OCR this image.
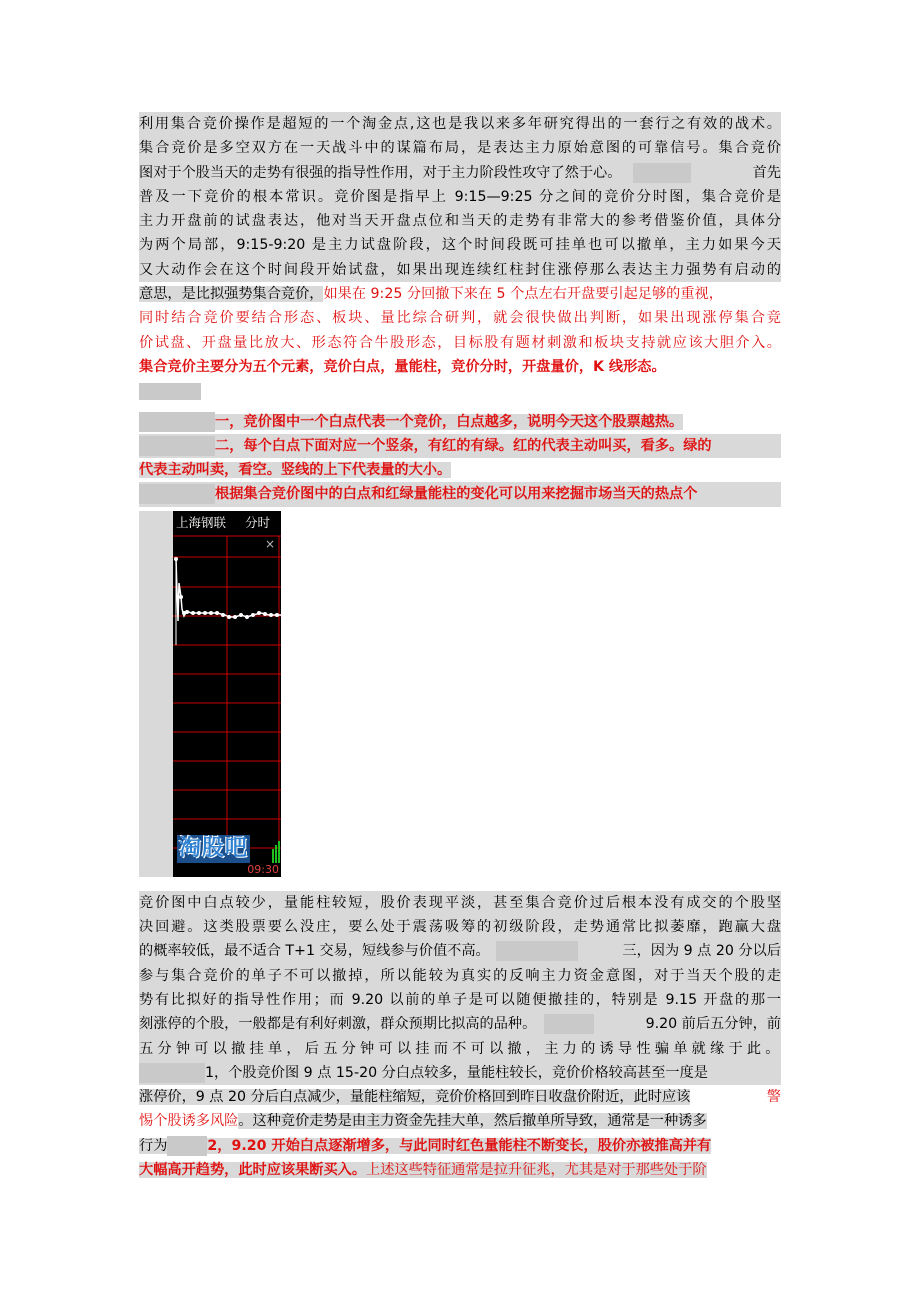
利用集合竞价操作是超短的一个淘金点,这也是我以来多年研究得出的一套行之有效的战术。
集合竞价是多空双方在一天战斗中的谋篇布局，是表达主力原始意图的可靠信号。集合竞价
图对于个股当天的走势有很强的指导性作用，对于主力阶段性攻守了然于心。	首先
普及一下竞价的根本常识。竞价图是指早上 9:15—9:25 分之间的竞价分时图，集合竞价是
主力开盘前的试盘表达，他对当天开盘点位和当天的走势有非常大的参考借鉴价值，具体分
为两个局部，9:15-9:20 是主力试盘阶段，这个时间段既可挂单也可以撤单，主力如果今天
又大动作会在这个时间段开始试盘，如果出现连续红柱封住涨停那么表达主力强势有启动的
意思，是比拟强势集合竞价，如果在 9:25 分回撤下来在 5 个点左右开盘要引起足够的重视，
同时结合竞价要结合形态、板块、量比综合研判，就会很快做出判断，如果出现涨停集合竞
价试盘、开盘量比放大、形态符合牛股形态，目标股有题材刺激和板块支持就应该大胆介入。
集合竞价主要分为五个元素，竞价白点，量能柱，竞价分时，开盘量价，K 线形态。
一，竞价图中一个白点代表一个竞价，白点越多，说明今天这个股票越热。
二，每个白点下面对应一个竖条，有红的有绿。红的代表主动叫买，看多。绿的
代表主动叫卖，看空。竖线的上下代表量的大小。
根据集合竞价图中的白点和红绿量能柱的变化可以用来挖掘市场当天的热点个
上海钢联 分时
×
淘股吧
09:30
竞价图中白点较少，量能柱较短，股价表现平淡，甚至集合竞价过后根本没有成交的个股坚
决回避。这类股票要么没庄，要么处于震荡吸筹的初级阶段，走势通常比拟萎靡，跑赢大盘
的概率较低，最不适合 T+1 交易，短线参与价值不高。	三，因为 9 点 20 分以后
参与集合竞价的单子不可以撤掉，所以能较为真实的反响主力资金意图，对于当天个股的走
势有比拟好的指导性作用；而 9.20 以前的单子是可以随便撤挂的，特别是 9.15 开盘的那一
刻涨停的个股，一般都是有利好刺激，群众预期比拟高的品种。	9.20 前后五分钟，前
五分钟可以撤挂单，后五分钟可以挂而不可以撤，主力的诱导性骗单就缘于此。
1，个股竞价图 9 点 15-20 分白点较多，量能柱较长，竞价价格较高甚至一度是
涨停价，9 点 20 分后白点减少，量能柱缩短，竞价价格回到昨日收盘价附近，此时应该	警
惕个股诱多风险。这种竞价走势是由主力资金先挂大单，然后撤单所导致，通常是一种诱多
行为	2，9.20 开始白点逐渐增多，与此同时红色量能柱不断变长，股价亦被推高并有
大幅高开趋势，此时应该果断买入。上述这些特征通常是拉升征兆，尤其是对于那些处于阶
